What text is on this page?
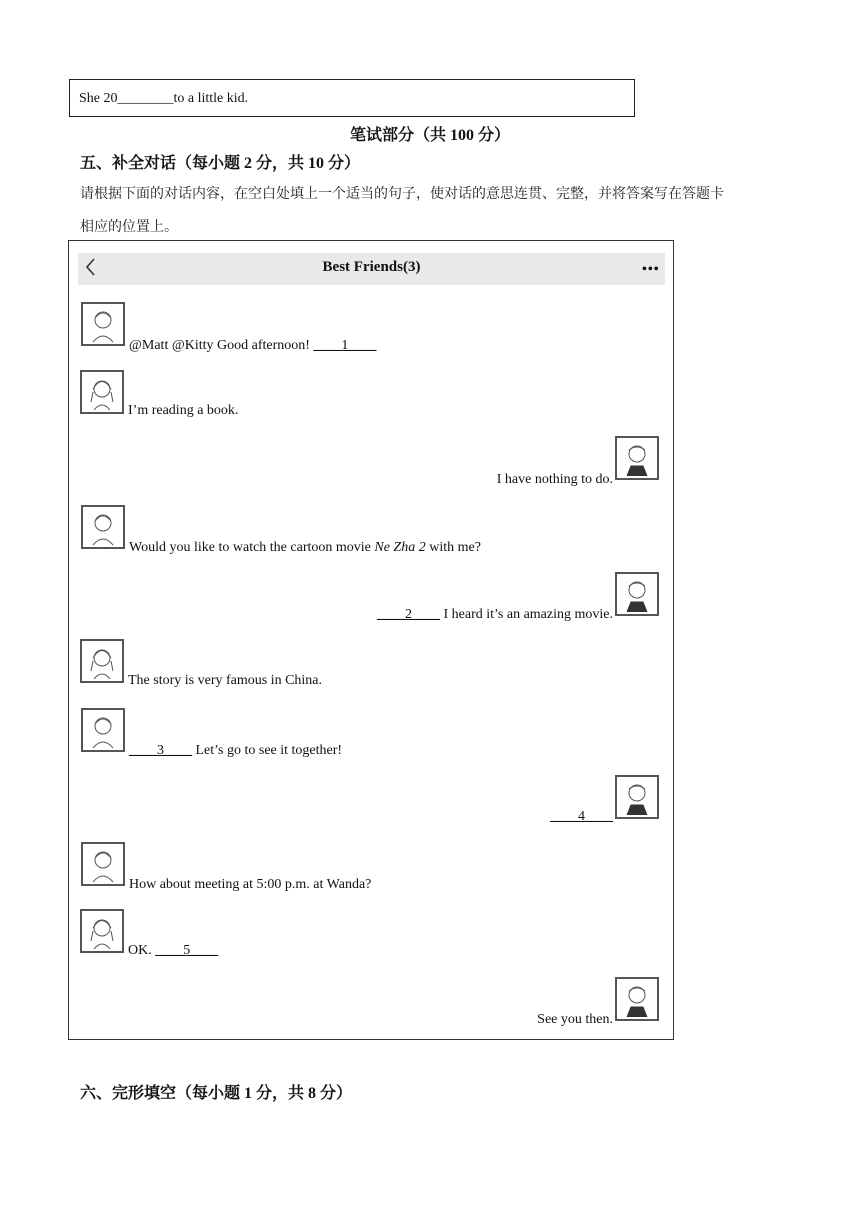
She 20________to a little kid.
笔试部分（共 100 分）
五、补全对话（每小题 2 分，共 10 分）
请根据下面的对话内容，在空白处填上一个适当的句子，使对话的意思连贯、完整，并将答案写在答题卡
相应的位置上。
Best Friends(3)	•••
@Matt @Kitty Good afternoon! ____1____
I’m reading a book.
I have nothing to do.
Would you like to watch the cartoon movie Ne Zha 2 with me?
____2____ I heard it’s an amazing movie.
The story is very famous in China.
____3____ Let’s go to see it together!
____4____
How about meeting at 5:00 p.m. at Wanda?
OK. ____5____
See you then.
六、完形填空（每小题 1 分，共 8 分）
